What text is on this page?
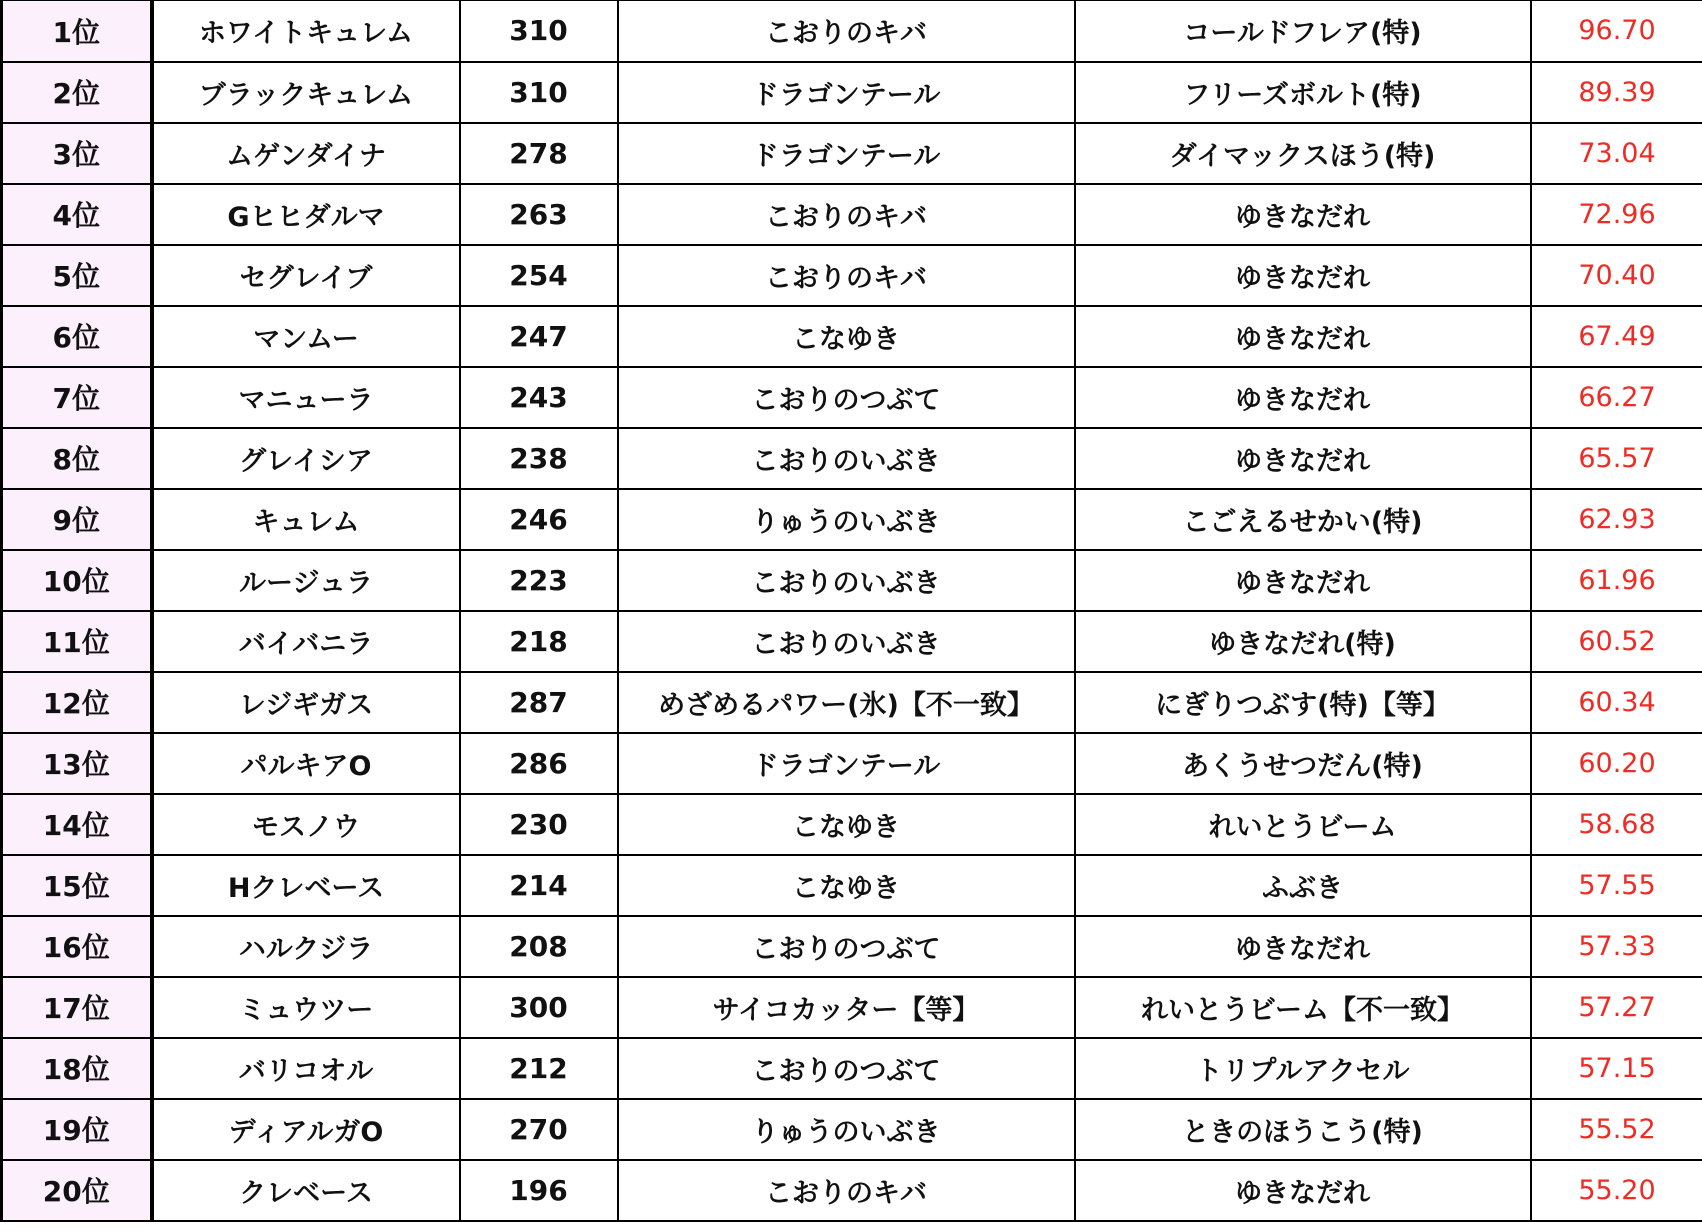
1位	ホワイトキュレム	310	こおりのキバ	コールドフレア(特)	96.70
2位	ブラックキュレム	310	ドラゴンテール	フリーズボルト(特)	89.39
3位	ムゲンダイナ	278	ドラゴンテール	ダイマックスほう(特)	73.04
4位	Gヒヒダルマ	263	こおりのキバ	ゆきなだれ	72.96
5位	セグレイブ	254	こおりのキバ	ゆきなだれ	70.40
6位	マンムー	247	こなゆき	ゆきなだれ	67.49
7位	マニューラ	243	こおりのつぶて	ゆきなだれ	66.27
8位	グレイシア	238	こおりのいぶき	ゆきなだれ	65.57
9位	キュレム	246	りゅうのいぶき	こごえるせかい(特)	62.93
10位	ルージュラ	223	こおりのいぶき	ゆきなだれ	61.96
11位	バイバニラ	218	こおりのいぶき	ゆきなだれ(特)	60.52
12位	レジギガス	287	めざめるパワー(氷)【不一致】	にぎりつぶす(特)【等】	60.34
13位	パルキアO	286	ドラゴンテール	あくうせつだん(特)	60.20
14位	モスノウ	230	こなゆき	れいとうビーム	58.68
15位	Hクレベース	214	こなゆき	ふぶき	57.55
16位	ハルクジラ	208	こおりのつぶて	ゆきなだれ	57.33
17位	ミュウツー	300	サイコカッター【等】	れいとうビーム【不一致】	57.27
18位	バリコオル	212	こおりのつぶて	トリプルアクセル	57.15
19位	ディアルガO	270	りゅうのいぶき	ときのほうこう(特)	55.52
20位	クレベース	196	こおりのキバ	ゆきなだれ	55.20
